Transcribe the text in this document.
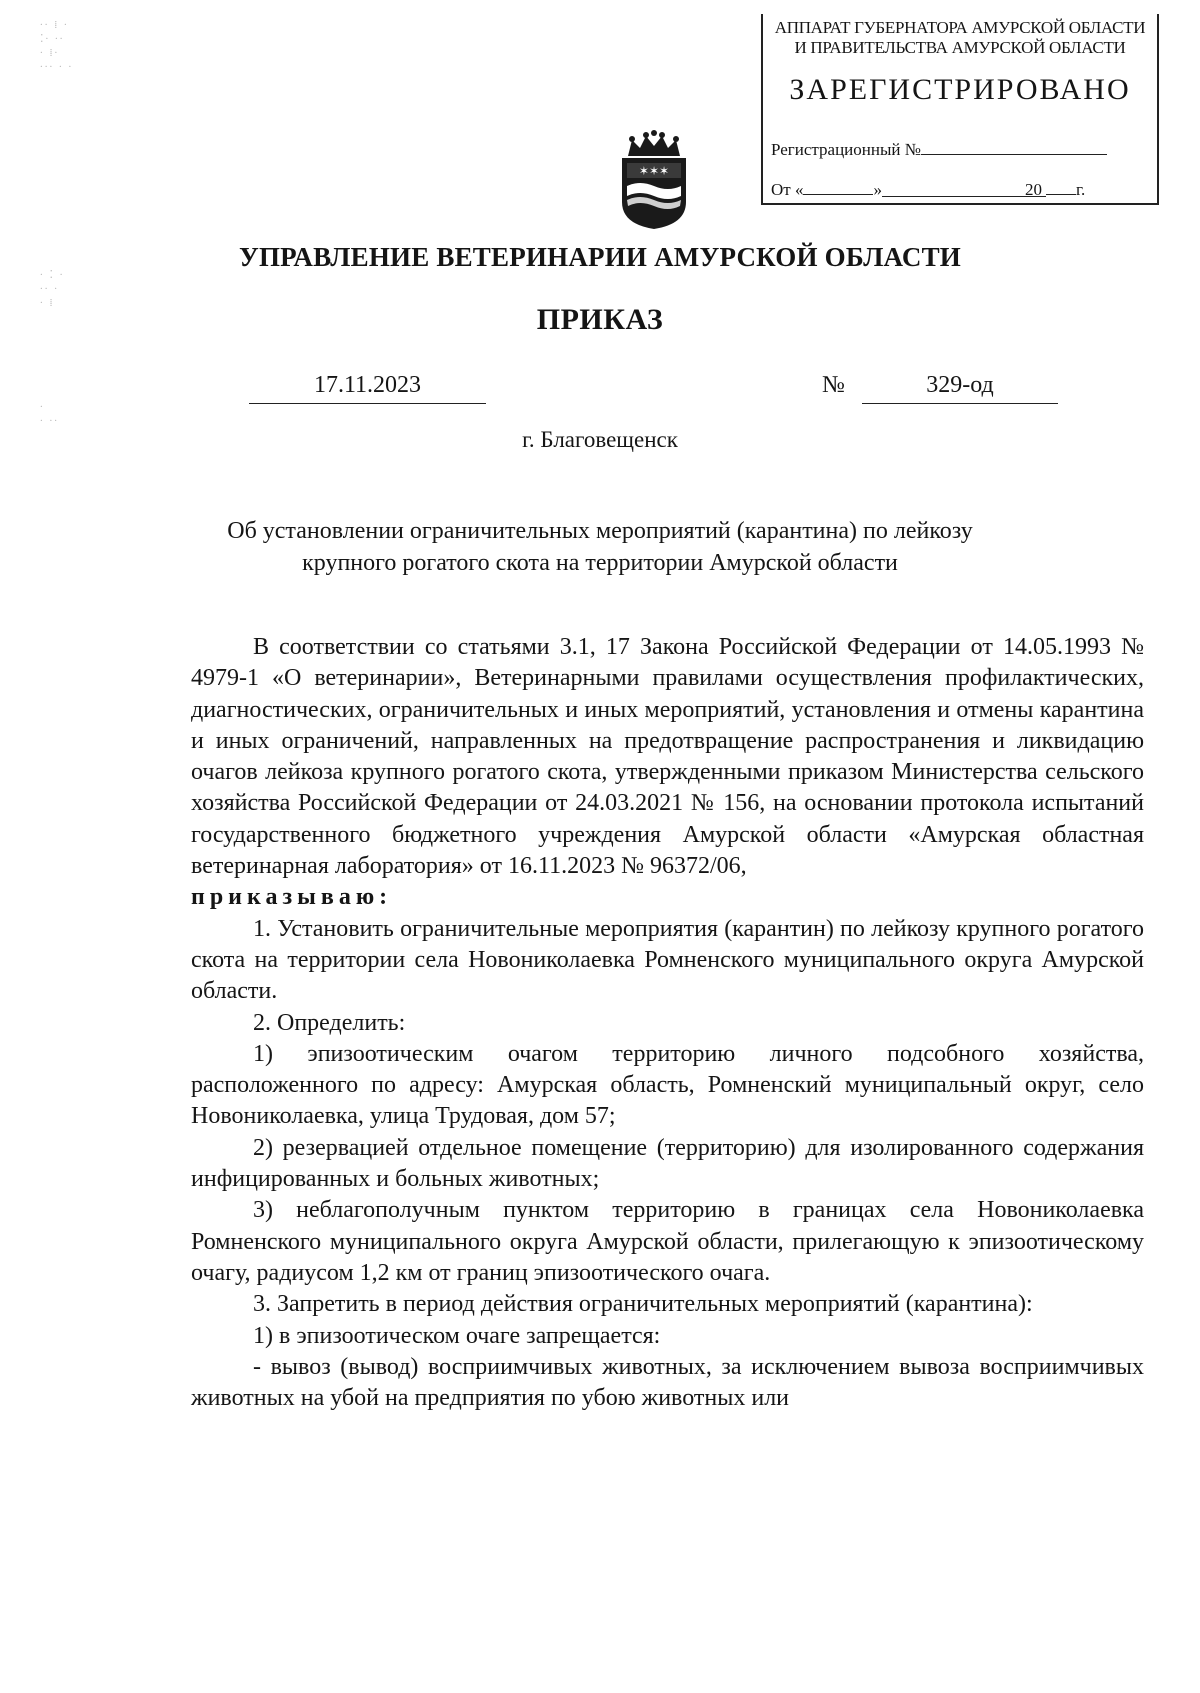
∙∙ ⁞ ∙
⁚∙ ∙∙
∙ ⁞∙
∙∙∙ ∙ ∙
∙ ⁚ ∙
∙∙ ∙
∙ ⁞
∙
∙ ∙∙
АППАРАТ ГУБЕРНАТОРА АМУРСКОЙ ОБЛАСТИ
И ПРАВИТЕЛЬСТВА АМУРСКОЙ ОБЛАСТИ
ЗАРЕГИСТРИРОВАНО
Регистрационный №
От «	»	20 г.
✶✶✶
УПРАВЛЕНИЕ ВЕТЕРИНАРИИ АМУРСКОЙ ОБЛАСТИ
ПРИКАЗ
17.11.2023	№	329-од
г. Благовещенск
Об установлении ограничительных мероприятий (карантина) по лейкозу
крупного рогатого скота на территории Амурской области

В соответствии со статьями 3.1, 17 Закона Российской Федерации от 14.05.1993 № 4979-1 «О ветеринарии», Ветеринарными правилами осуществления профилактических, диагностических, ограничительных и иных мероприятий, установления и отмены карантина и иных ограничений, направленных на предотвращение распространения и ликвидацию очагов лейкоза крупного рогатого скота, утвержденными приказом Министерства сельского хозяйства Российской Федерации от 24.03.2021 № 156, на основании протокола испытаний государственного бюджетного учреждения Амурской области «Амурская областная ветеринарная лаборатория» от 16.11.2023 № 96372/06,

приказываю:

1. Установить ограничительные мероприятия (карантин) по лейкозу крупного рогатого скота на территории села Новониколаевка Ромненского муниципального округа Амурской области.

2. Определить:

1) эпизоотическим очагом территорию личного подсобного хозяйства, расположенного по адресу: Амурская область, Ромненский муниципальный округ, село Новониколаевка, улица Трудовая, дом 57;

2) резервацией отдельное помещение (территорию) для изолированного содержания инфицированных и больных животных;

3) неблагополучным пунктом территорию в границах села Новониколаевка Ромненского муниципального округа Амурской области, прилегающую к эпизоотическому очагу, радиусом 1,2 км от границ эпизоотического очага.

3. Запретить в период действия ограничительных мероприятий (карантина):

1) в эпизоотическом очаге запрещается:

- вывоз (вывод) восприимчивых животных, за исключением вывоза восприимчивых животных на убой на предприятия по убою животных или
